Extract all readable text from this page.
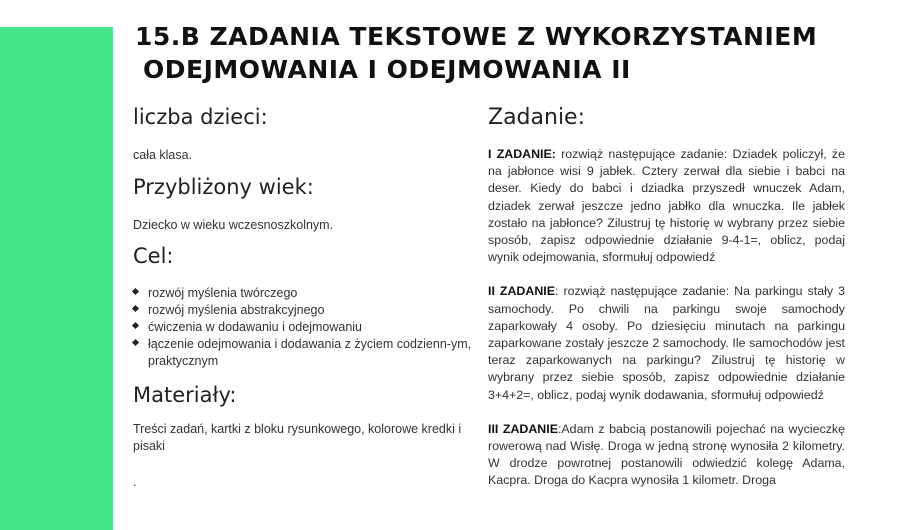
15.B ZADANIA TEKSTOWE Z WYKORZYSTANIEM
ODEJMOWANIA I ODEJMOWANIA II
liczba dzieci:

cała klasa.

Przybliżony wiek:

Dziecko w wieku wczesnoszkolnym.

Cel:
rozwój myślenia twórczego
rozwój myślenia abstrakcyjnego
ćwiczenia w dodawaniu i odejmowaniu
łączenie odejmowania i dodawania z życiem codzienn-ym, praktycznym
Materiały:

Treści zadań, kartki z bloku rysunkowego, kolorowe kredki i pisaki

.

Zadanie:

I ZADANIE: rozwiąż następujące zadanie: Dziadek policzył, że na jabłonce wisi 9 jabłek. Cztery zerwał dla siebie i babci na deser. Kiedy do babci i dziadka przyszedł wnuczek Adam, dziadek zerwał jeszcze jedno jabłko dla wnuczka. Ile jabłek zostało na jabłonce? Zilustruj tę historię w wybrany przez siebie sposób, zapisz odpowiednie działanie 9-4-1=, oblicz, podaj wynik odejmowania, sformułuj odpowiedź

II ZADANIE: rozwiąż następujące zadanie: Na parkingu stały 3 samochody. Po chwili na parkingu swoje samochody zaparkowały 4 osoby. Po dziesięciu minutach na parkingu zaparkowane zostały jeszcze 2 samochody. Ile samochodów jest teraz zaparkowanych na parkingu? Zilustruj tę historię w wybrany przez siebie sposób, zapisz odpowiednie działanie 3+4+2=, oblicz, podaj wynik dodawania, sformułuj odpowiedź

III ZADANIE:Adam z babcią postanowili pojechać na wycieczkę rowerową nad Wisłę. Droga w jedną stronę wynosiła 2 kilometry. W drodze powrotnej postanowili odwiedzić kolegę Adama, Kacpra. Droga do Kacpra wynosiła 1 kilometr. Droga
